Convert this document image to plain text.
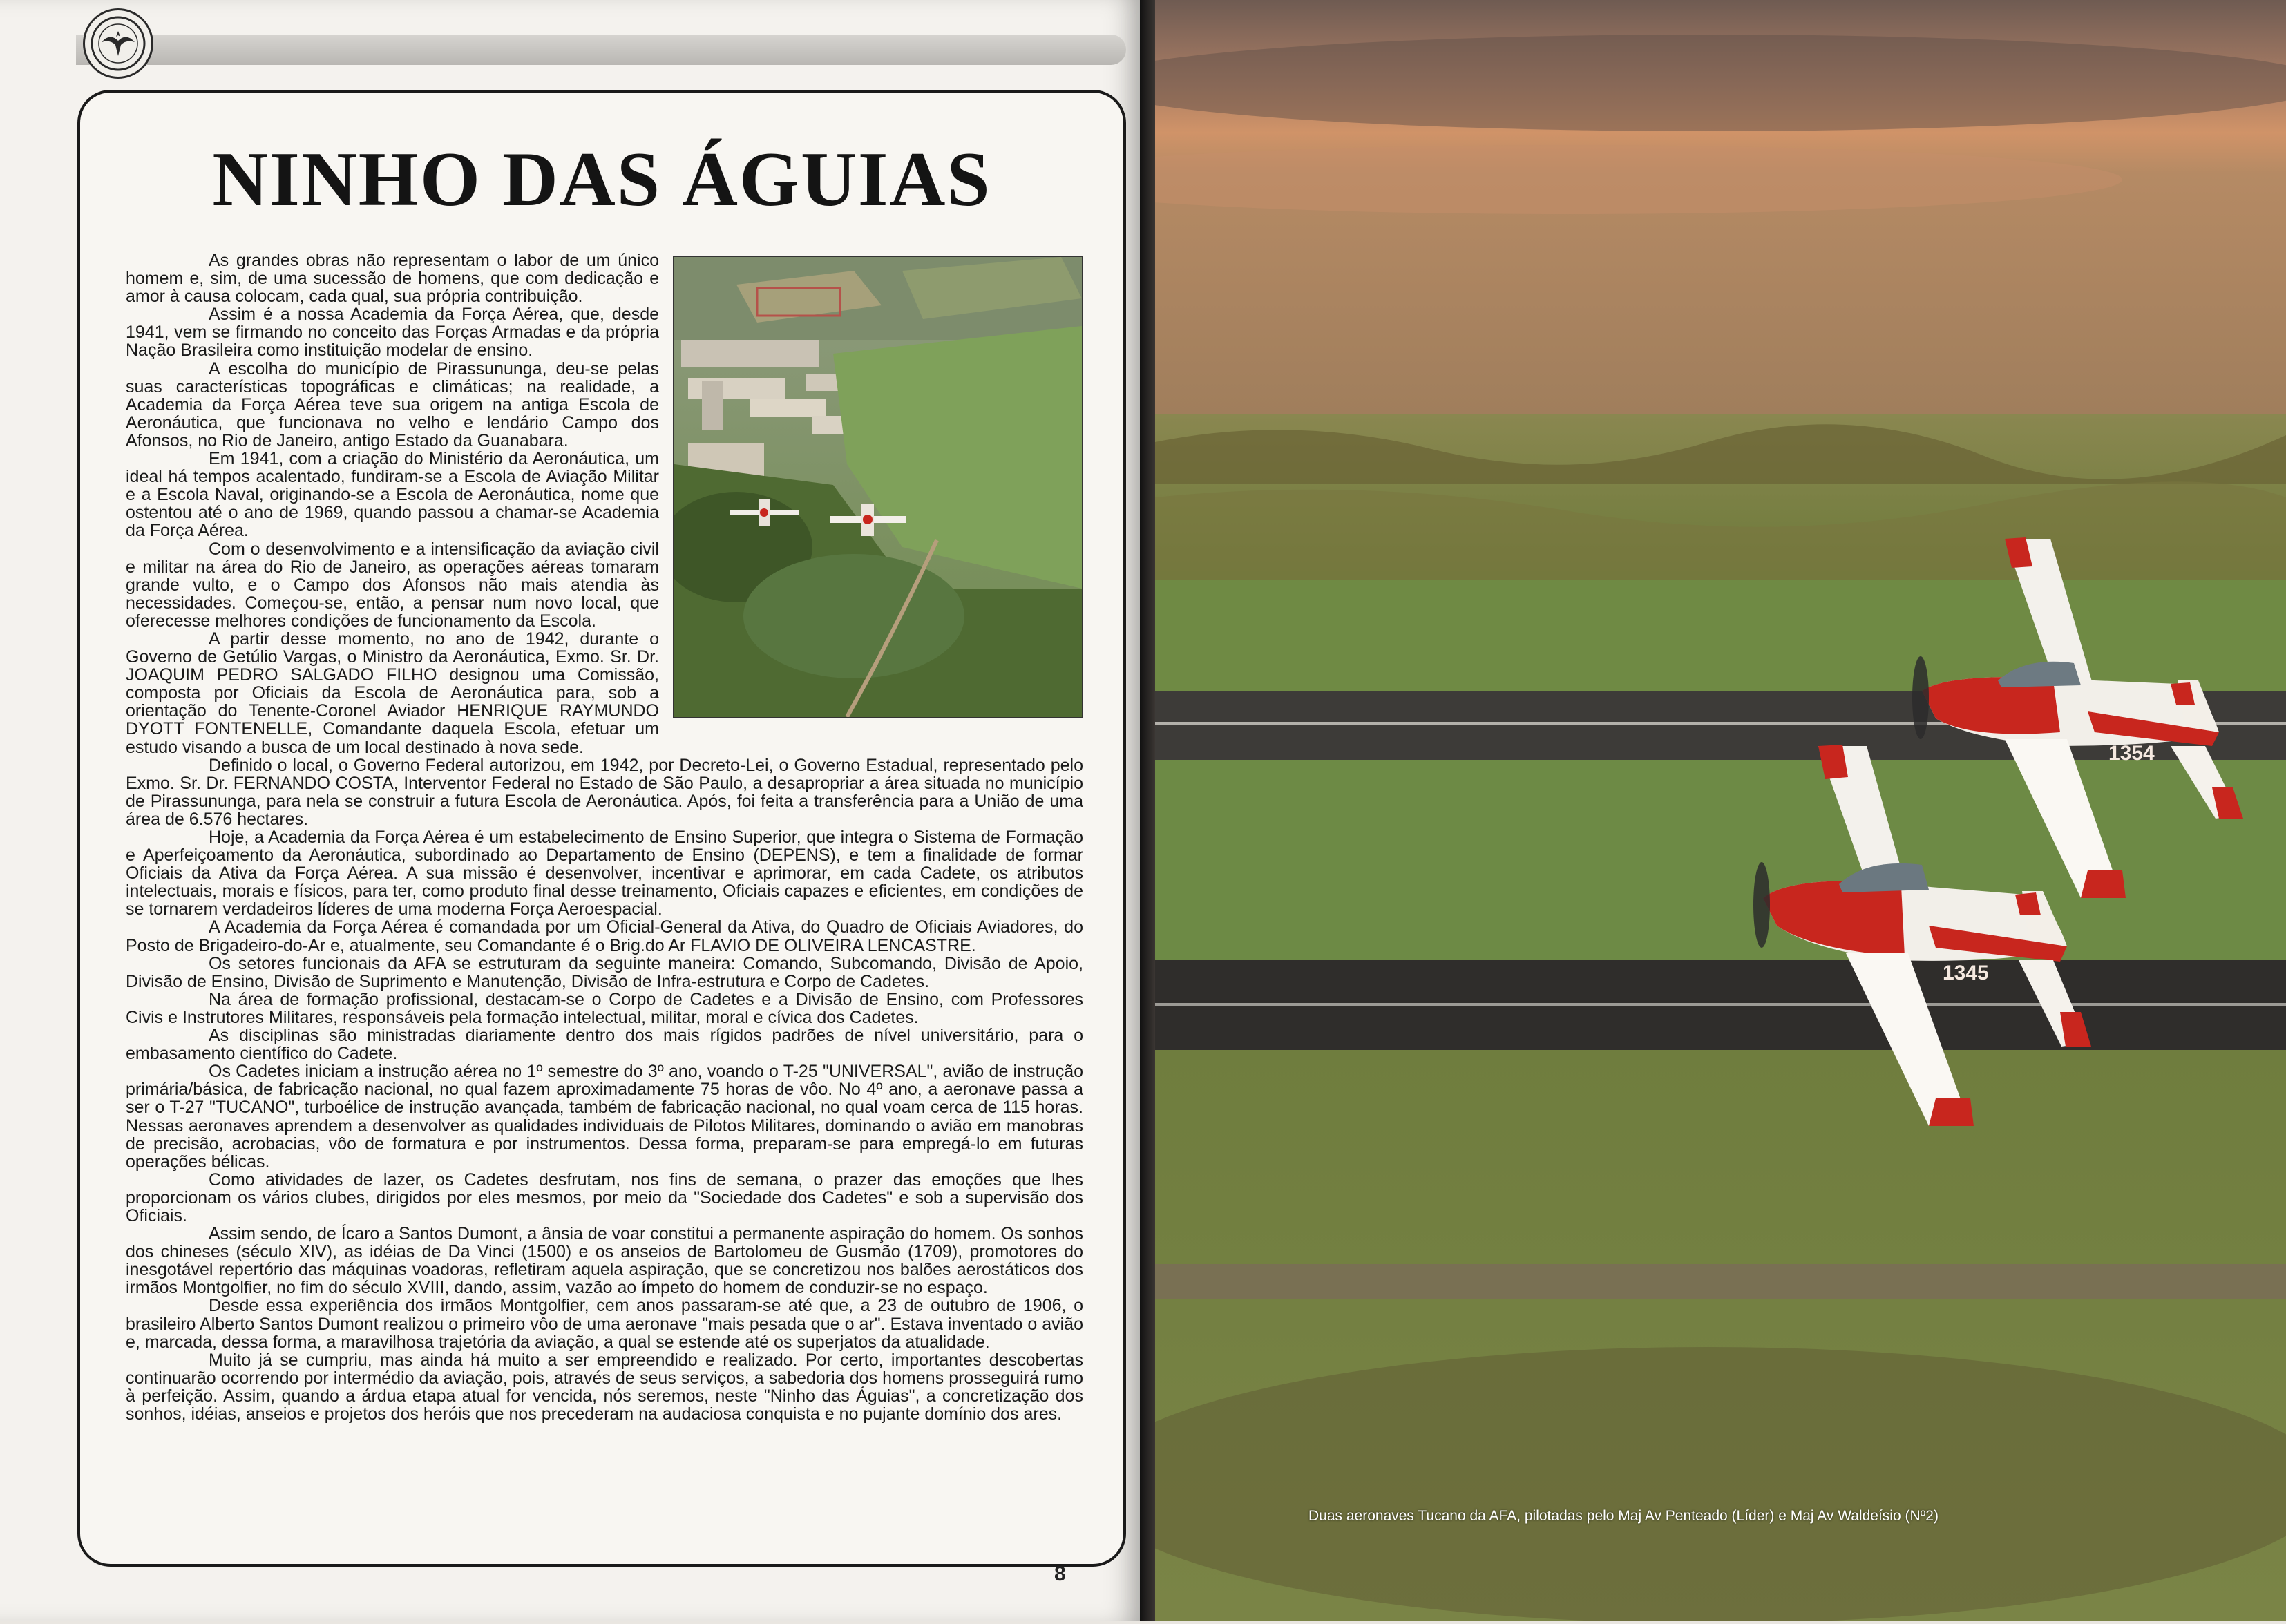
NINHO DAS ÁGUIAS

As grandes obras não representam o labor de um único homem e, sim, de uma sucessão de homens, que com dedicação e amor à causa colocam, cada qual, sua própria contribuição.

Assim é a nossa Academia da Força Aérea, que, desde 1941, vem se firmando no conceito das Forças Armadas e da própria Nação Brasileira como instituição modelar de ensino.

A escolha do município de Pirassununga, deu-se pelas suas características topográficas e climáticas; na realidade, a Academia da Força Aérea teve sua origem na antiga Escola de Aeronáutica, que funcionava no velho e lendário Campo dos Afonsos, no Rio de Janeiro, antigo Estado da Guanabara.

Em 1941, com a criação do Ministério da Aeronáutica, um ideal há tempos acalentado, fundiram-se a Escola de Aviação Militar e a Escola Naval, originando-se a Escola de Aeronáutica, nome que ostentou até o ano de 1969, quando passou a chamar-se Academia da Força Aérea.

Com o desenvolvimento e a intensificação da aviação civil e militar na área do Rio de Janeiro, as operações aéreas tomaram grande vulto, e o Campo dos Afonsos não mais atendia às necessidades. Começou-se, então, a pensar num novo local, que oferecesse melhores condições de funcionamento da Escola.

A partir desse momento, no ano de 1942, durante o Governo de Getúlio Vargas, o Ministro da Aeronáutica, Exmo. Sr. Dr. JOAQUIM PEDRO SALGADO FILHO designou uma Comissão, composta por Oficiais da Escola de Aeronáutica para, sob a orientação do Tenente-Coronel Aviador HENRIQUE RAYMUNDO DYOTT FONTENELLE, Comandante daquela Escola, efetuar um estudo visando a busca de um local destinado à nova sede.

Definido o local, o Governo Federal autorizou, em 1942, por Decreto-Lei, o Governo Estadual, representado pelo Exmo. Sr. Dr. FERNANDO COSTA, Interventor Federal no Estado de São Paulo, a desapropriar a área situada no município de Pirassununga, para nela se construir a futura Escola de Aeronáutica. Após, foi feita a transferência para a União de uma área de 6.576 hectares.

Hoje, a Academia da Força Aérea é um estabelecimento de Ensino Superior, que integra o Sistema de Formação e Aperfeiçoamento da Aeronáutica, subordinado ao Departamento de Ensino (DEPENS), e tem a finalidade de formar Oficiais da Ativa da Força Aérea. A sua missão é desenvolver, incentivar e aprimorar, em cada Cadete, os atributos intelectuais, morais e físicos, para ter, como produto final desse treinamento, Oficiais capazes e eficientes, em condições de se tornarem verdadeiros líderes de uma moderna Força Aeroespacial.

A Academia da Força Aérea é comandada por um Oficial-General da Ativa, do Quadro de Oficiais Aviadores, do Posto de Brigadeiro-do-Ar e, atualmente, seu Comandante é o Brig.do Ar FLAVIO DE OLIVEIRA LENCASTRE.

Os setores funcionais da AFA se estruturam da seguinte maneira: Comando, Subcomando, Divisão de Apoio, Divisão de Ensino, Divisão de Suprimento e Manutenção, Divisão de Infra-estrutura e Corpo de Cadetes.

Na área de formação profissional, destacam-se o Corpo de Cadetes e a Divisão de Ensino, com Professores Civis e Instrutores Militares, responsáveis pela formação intelectual, militar, moral e cívica dos Cadetes.

As disciplinas são ministradas diariamente dentro dos mais rígidos padrões de nível universitário, para o embasamento científico do Cadete.

Os Cadetes iniciam a instrução aérea no 1º semestre do 3º ano, voando o T-25 "UNIVERSAL", avião de instrução primária/básica, de fabricação nacional, no qual fazem aproximadamente 75 horas de vôo. No 4º ano, a aeronave passa a ser o T-27 "TUCANO", turboélice de instrução avançada, também de fabricação nacional, no qual voam cerca de 115 horas. Nessas aeronaves aprendem a desenvolver as qualidades individuais de Pilotos Militares, dominando o avião em manobras de precisão, acrobacias, vôo de formatura e por instrumentos. Dessa forma, preparam-se para empregá-lo em futuras operações bélicas.

Como atividades de lazer, os Cadetes desfrutam, nos fins de semana, o prazer das emoções que lhes proporcionam os vários clubes, dirigidos por eles mesmos, por meio da "Sociedade dos Cadetes" e sob a supervisão dos Oficiais.

Assim sendo, de Ícaro a Santos Dumont, a ânsia de voar constitui a permanente aspiração do homem. Os sonhos dos chineses (século XIV), as idéias de Da Vinci (1500) e os anseios de Bartolomeu de Gusmão (1709), promotores do inesgotável repertório das máquinas voadoras, refletiram aquela aspiração, que se concretizou nos balões aerostáticos dos irmãos Montgolfier, no fim do século XVIII, dando, assim, vazão ao ímpeto do homem de conduzir-se no espaço.

Desde essa experiência dos irmãos Montgolfier, cem anos passaram-se até que, a 23 de outubro de 1906, o brasileiro Alberto Santos Dumont realizou o primeiro vôo de uma aeronave "mais pesada que o ar". Estava inventado o avião e, marcada, dessa forma, a maravilhosa trajetória da aviação, a qual se estende até os superjatos da atualidade.

Muito já se cumpriu, mas ainda há muito a ser empreendido e realizado. Por certo, importantes descobertas continuarão ocorrendo por intermédio da aviação, pois, através de seus serviços, a sabedoria dos homens prosseguirá rumo à perfeição. Assim, quando a árdua etapa atual for vencida, nós seremos, neste "Ninho das Águias", a concretização dos sonhos, idéias, anseios e projetos dos heróis que nos precederam na audaciosa conquista e no pujante domínio dos ares.

8
1354
1345
Duas aeronaves Tucano da AFA, pilotadas pelo Maj Av Penteado (Líder) e Maj Av Waldeísio (Nº2)
